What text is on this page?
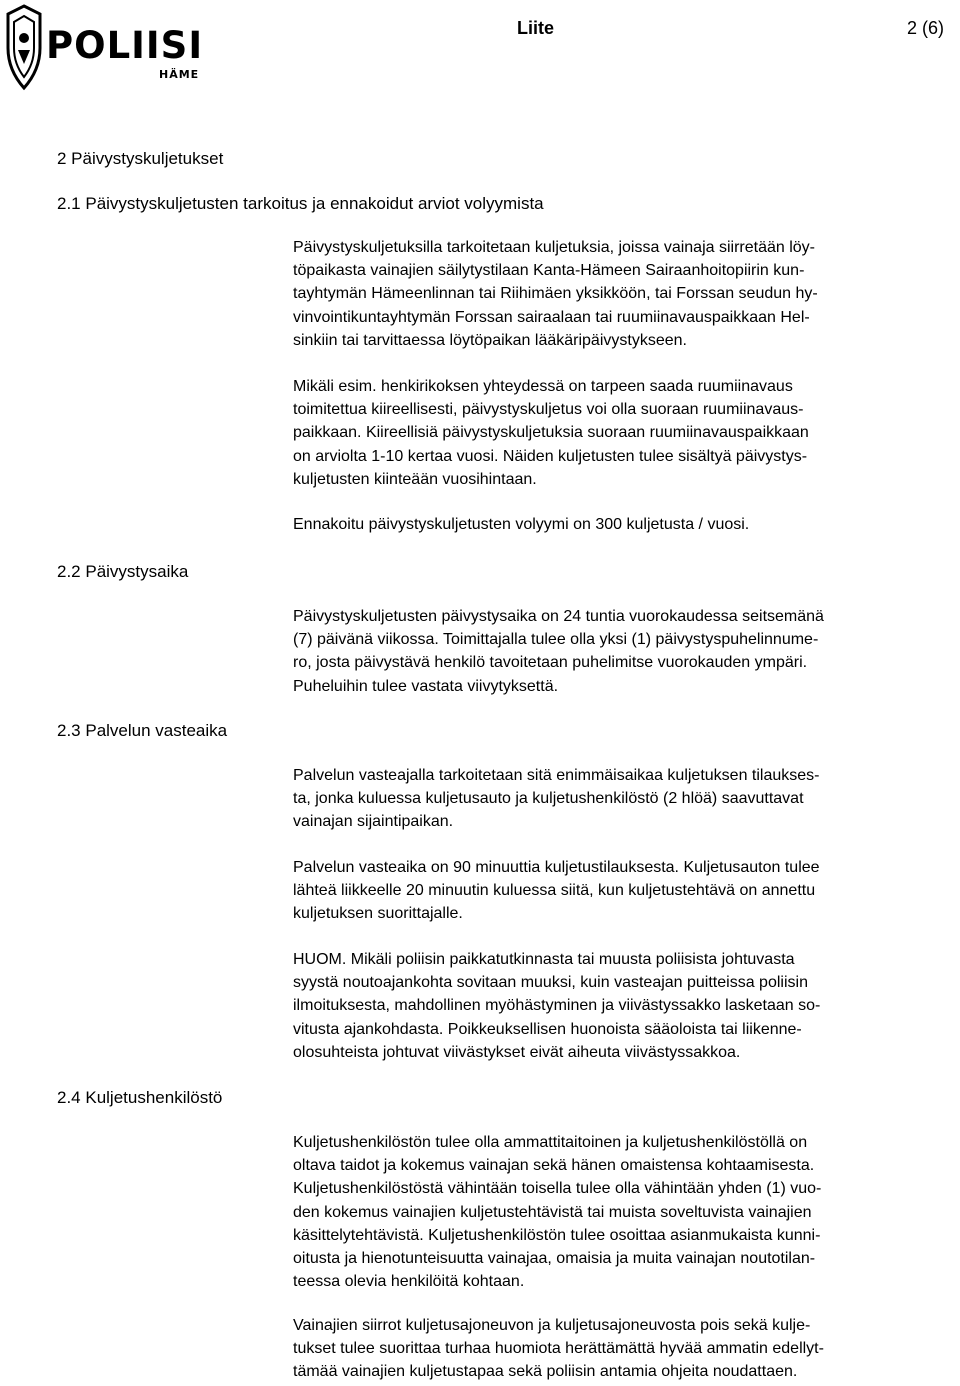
POLIISI
HÄME
Liite	2 (6)
2 Päivystyskuljetukset
2.1 Päivystyskuljetusten tarkoitus ja ennakoidut arviot volyymista
2.2 Päivystysaika
2.3 Palvelun vasteaika
2.4 Kuljetushenkilöstö
Päivystyskuljetuksilla tarkoitetaan kuljetuksia, joissa vainaja siirretään löy-
töpaikasta vainajien säilytystilaan Kanta-Hämeen Sairaanhoitopiirin kun-
tayhtymän Hämeenlinnan tai Riihimäen yksikköön, tai Forssan seudun hy-
vinvointikuntayhtymän Forssan sairaalaan tai ruumiinavauspaikkaan Hel-
sinkiin tai tarvittaessa löytöpaikan lääkäripäivystykseen.
Mikäli esim. henkirikoksen yhteydessä on tarpeen saada ruumiinavaus
toimitettua kiireellisesti, päivystyskuljetus voi olla suoraan ruumiinavaus-
paikkaan. Kiireellisiä päivystyskuljetuksia suoraan ruumiinavauspaikkaan
on arviolta 1-10 kertaa vuosi. Näiden kuljetusten tulee sisältyä päivystys-
kuljetusten kiinteään vuosihintaan.
Ennakoitu päivystyskuljetusten volyymi on 300 kuljetusta / vuosi.
Päivystyskuljetusten päivystysaika on 24 tuntia vuorokaudessa seitsemänä
(7) päivänä viikossa. Toimittajalla tulee olla yksi (1) päivystyspuhelinnume-
ro, josta päivystävä henkilö tavoitetaan puhelimitse vuorokauden ympäri.
Puheluihin tulee vastata viivytyksettä.
Palvelun vasteajalla tarkoitetaan sitä enimmäisaikaa kuljetuksen tilaukses-
ta, jonka kuluessa kuljetusauto ja kuljetushenkilöstö (2 hlöä) saavuttavat
vainajan sijaintipaikan.
Palvelun vasteaika on 90 minuuttia kuljetustilauksesta. Kuljetusauton tulee
lähteä liikkeelle 20 minuutin kuluessa siitä, kun kuljetustehtävä on annettu
kuljetuksen suorittajalle.
HUOM. Mikäli poliisin paikkatutkinnasta tai muusta poliisista johtuvasta
syystä noutoajankohta sovitaan muuksi, kuin vasteajan puitteissa poliisin
ilmoituksesta, mahdollinen myöhästyminen ja viivästyssakko lasketaan so-
vitusta ajankohdasta. Poikkeuksellisen huonoista sääoloista tai liikenne-
olosuhteista johtuvat viivästykset eivät aiheuta viivästyssakkoa.
Kuljetushenkilöstön tulee olla ammattitaitoinen ja kuljetushenkilöstöllä on
oltava taidot ja kokemus vainajan sekä hänen omaistensa kohtaamisesta.
Kuljetushenkilöstöstä vähintään toisella tulee olla vähintään yhden (1) vuo-
den kokemus vainajien kuljetustehtävistä tai muista soveltuvista vainajien
käsittelytehtävistä. Kuljetushenkilöstön tulee osoittaa asianmukaista kunni-
oitusta ja hienotunteisuutta vainajaa, omaisia ja muita vainajan noutotilan-
teessa olevia henkilöitä kohtaan.
Vainajien siirrot kuljetusajoneuvon ja kuljetusajoneuvosta pois sekä kulje-
tukset tulee suorittaa turhaa huomiota herättämättä hyvää ammatin edellyt-
tämää vainajien kuljetustapaa sekä poliisin antamia ohjeita noudattaen.
